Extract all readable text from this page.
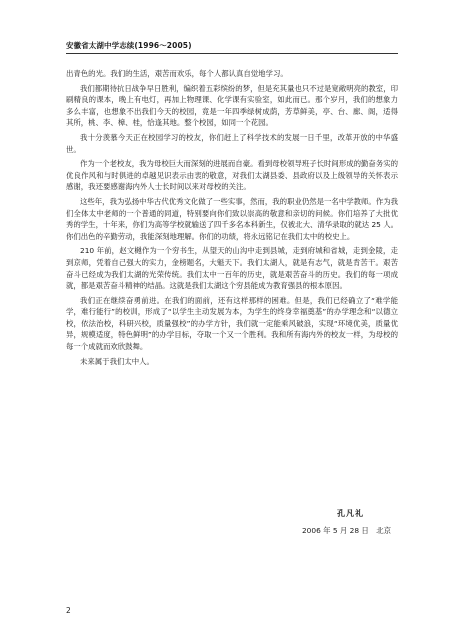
安徽省太湖中学志续(1996～2005)

出青色的光。我们的生活，艰苦而欢乐，每个人都认真自觉地学习。

我们都期待抗日战争早日胜利，编织着五彩缤纷的梦，但是充其量也只不过是宽敞明亮的教室，印刷精良的课本，晚上有电灯，再加上物理课、化学课有实验室，如此而已。那个岁月，我们的想象力多么丰富，也想象不出我们今天的校园，竟是一年四季绿树成荫，芳草鲜美，亭、台、廊、阁，适得其所，桃、李、樟、桂，恰逢其地。整个校园，如同一个花园。

我十分羡慕今天正在校园学习的校友，你们赶上了科学技术的发展一日千里，改革开放的中华盛世。

作为一个老校友，我为母校巨大而深刻的进展而自豪。看到母校领导班子长时间形成的勤奋务实的优良作风和与时俱进的卓越见识表示由衷的敬意，对我们太湖县委、县政府以及上级领导的关怀表示感谢，我还要感谢海内外人士长时间以来对母校的关注。

这些年，我为弘扬中华古代优秀文化做了一些实事，然而，我的职业仍然是一名中学教师。作为我们全体太中老师的一个普通的同道，特别要向你们致以崇高的敬意和亲切的问候。你们培养了大批优秀的学生，十年来，你们为高等学校就输送了四千多名本科新生，仅被北大、清华录取的就达 25 人。你们出色的辛勤劳动，我能深刻地理解。你们的功绩，将永远铭记在我们太中的校史上。

210 年前，赵文樾作为一个穷书生，从望天的山沟中走到县城，走到府城和省城，走到金陵，走到京师，凭着自己强大的实力，金榜题名，大魁天下。我们太湖人，就是有志气，就是肯苦干。艰苦奋斗已经成为我们太湖的光荣传统。我们太中一百年的历史，就是艰苦奋斗的历史。我们的每一项成就，都是艰苦奋斗精神的结晶。这就是我们太湖这个穷县能成为教育强县的根本原因。

我们正在继续奋勇前进。在我们的面前，还有这样那样的困难。但是，我们已经确立了“难学能学，难行能行”的校训，形成了“以学生主动发展为本，为学生的终身幸福奠基”的办学理念和“以德立校，依法治校，科研兴校，质量强校”的办学方针，我们就一定能乘风破浪，实现“环境优美，质量优异，规模适度，特色鲜明”的办学目标，夺取一个又一个胜利。我和所有海内外的校友一样，为母校的每一个成就而欢欣鼓舞。

未来属于我们太中人。

孔凡礼
2006 年 5 月 28 日　北京
2
